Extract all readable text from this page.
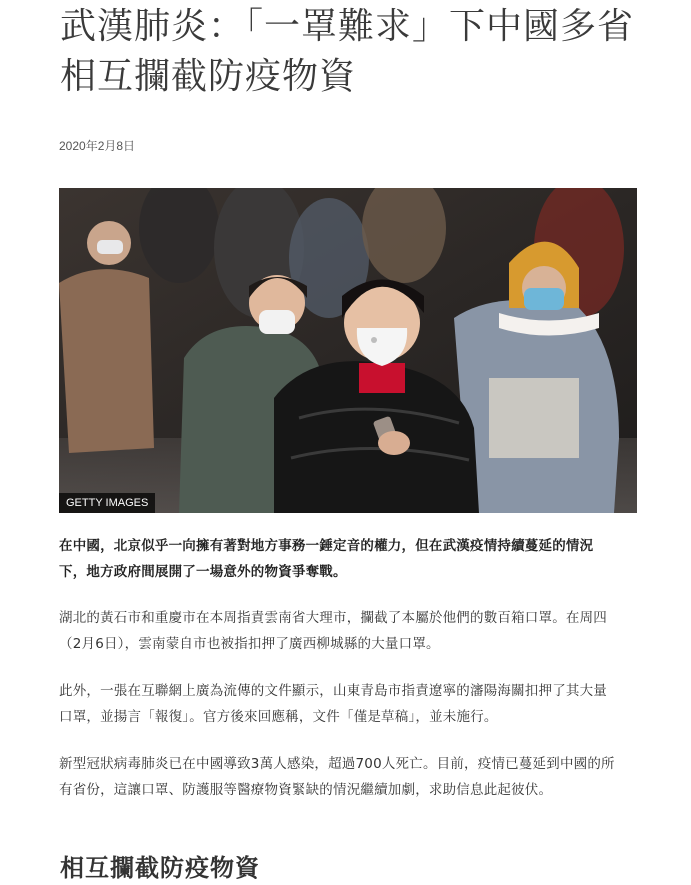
武漢肺炎：「一罩難求」下中國多省相互攔截防疫物資
2020年2月8日
GETTY IMAGES

在中國，北京似乎一向擁有著對地方事務一錘定音的權力，但在武漢疫情持續蔓延的情況下，地方政府間展開了一場意外的物資爭奪戰。

湖北的黃石市和重慶市在本周指責雲南省大理市，攔截了本屬於他們的數百箱口罩。在周四（2月6日），雲南蒙自市也被指扣押了廣西柳城縣的大量口罩。

此外，一張在互聯網上廣為流傳的文件顯示，山東青島市指責遼寧的瀋陽海關扣押了其大量口罩，並揚言「報復」。官方後來回應稱，文件「僅是草稿」，並未施行。

新型冠狀病毒肺炎已在中國導致3萬人感染，超過700人死亡。目前，疫情已蔓延到中國的所有省份，這讓口罩、防護服等醫療物資緊缺的情況繼續加劇，求助信息此起彼伏。

相互攔截防疫物資
